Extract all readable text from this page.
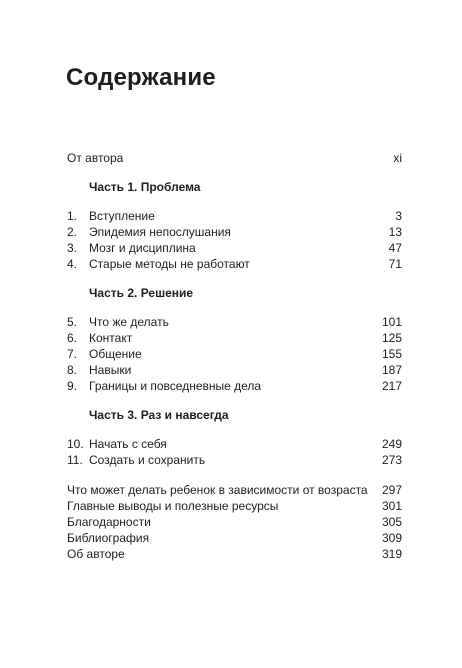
Содержание
От автора	xi
Часть 1. Проблема
1. Вступление	3
2. Эпидемия непослушания	13
3. Мозг и дисциплина	47
4. Старые методы не работают	71
Часть 2. Решение
5. Что же делать	101
6. Контакт	125
7. Общение	155
8. Навыки	187
9. Границы и повседневные дела	217
Часть 3. Раз и навсегда
10. Начать с себя	249
11. Создать и сохранить	273
Что может делать ребенок в зависимости от возраста 297
Главные выводы и полезные ресурсы	301
Благодарности	305
Библиография	309
Об авторе	319
